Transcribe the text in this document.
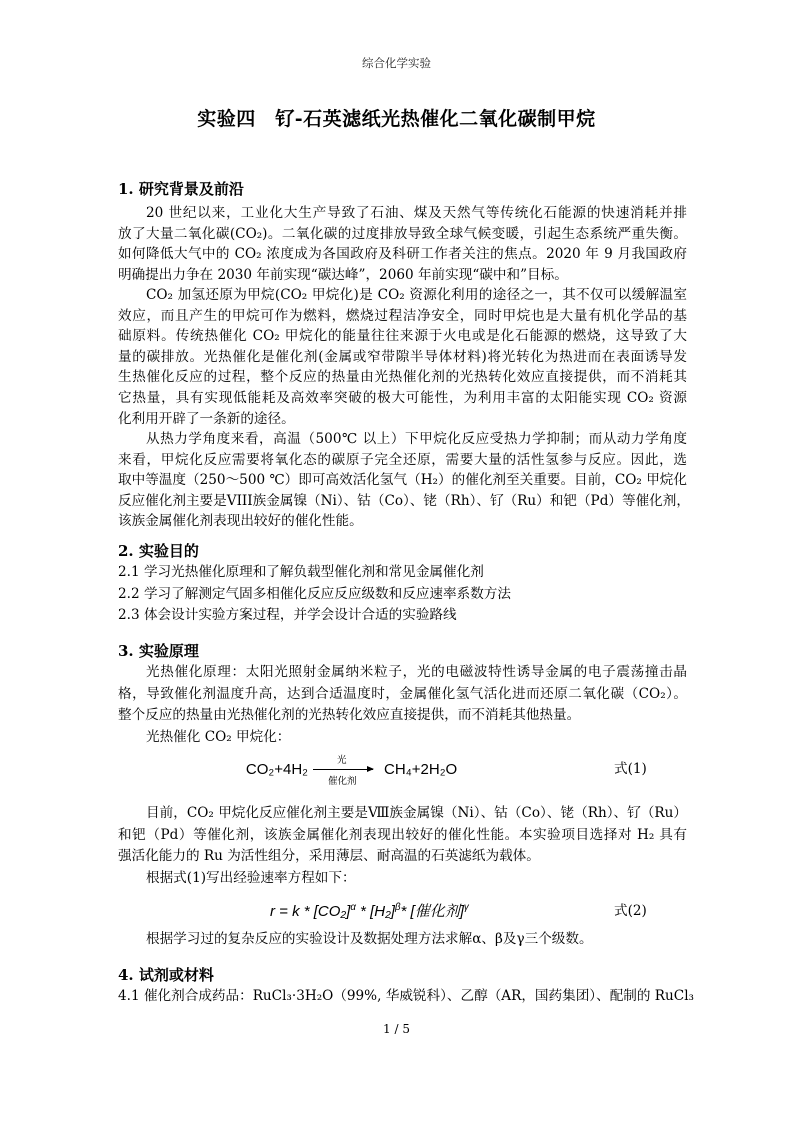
综合化学实验
实验四　钌-石英滤纸光热催化二氧化碳制甲烷
1. 研究背景及前沿
20 世纪以来，工业化大生产导致了石油、煤及天然气等传统化石能源的快速消耗并排
放了大量二氧化碳(CO₂)。二氧化碳的过度排放导致全球气候变暖，引起生态系统严重失衡。
如何降低大气中的 CO₂ 浓度成为各国政府及科研工作者关注的焦点。2020 年 9 月我国政府
明确提出力争在 2030 年前实现“碳达峰”，2060 年前实现“碳中和”目标。
CO₂ 加氢还原为甲烷(CO₂ 甲烷化)是 CO₂ 资源化利用的途径之一，其不仅可以缓解温室
效应，而且产生的甲烷可作为燃料，燃烧过程洁净安全，同时甲烷也是大量有机化学品的基
础原料。传统热催化 CO₂ 甲烷化的能量往往来源于火电或是化石能源的燃烧，这导致了大
量的碳排放。光热催化是催化剂(金属或窄带隙半导体材料)将光转化为热进而在表面诱导发
生热催化反应的过程，整个反应的热量由光热催化剂的光热转化效应直接提供，而不消耗其
它热量，具有实现低能耗及高效率突破的极大可能性，为利用丰富的太阳能实现 CO₂ 资源
化利用开辟了一条新的途径。
从热力学角度来看，高温（500℃ 以上）下甲烷化反应受热力学抑制；而从动力学角度
来看，甲烷化反应需要将氧化态的碳原子完全还原，需要大量的活性氢参与反应。因此，选
取中等温度（250～500 ℃）即可高效活化氢气（H₂）的催化剂至关重要。目前，CO₂ 甲烷化
反应催化剂主要是VIII族金属镍（Ni）、钴（Co）、铑（Rh）、钌（Ru）和钯（Pd）等催化剂，
该族金属催化剂表现出较好的催化性能。
2. 实验目的
2.1 学习光热催化原理和了解负载型催化剂和常见金属催化剂
2.2 学习了解测定气固多相催化反应反应级数和反应速率系数方法
2.3 体会设计实验方案过程，并学会设计合适的实验路线
3. 实验原理
光热催化原理：太阳光照射金属纳米粒子，光的电磁波特性诱导金属的电子震荡撞击晶
格，导致催化剂温度升高，达到合适温度时，金属催化氢气活化进而还原二氧化碳（CO₂）。
整个反应的热量由光热催化剂的光热转化效应直接提供，而不消耗其他热量。
光热催化 CO₂ 甲烷化：
CO₂+4H₂
光
催化剂
CH₄+2H₂O	式(1)
目前，CO₂ 甲烷化反应催化剂主要是Ⅷ族金属镍（Ni）、钴（Co）、铑（Rh）、钌（Ru）
和钯（Pd）等催化剂，该族金属催化剂表现出较好的催化性能。本实验项目选择对 H₂ 具有
强活化能力的 Ru 为活性组分，采用薄层、耐高温的石英滤纸为载体。
根据式(1)写出经验速率方程如下：
$r = k * [CO_2]^\alpha * [H_2]^\beta*$ [催化剂]$^\gamma$	式(2)
根据学习过的复杂反应的实验设计及数据处理方法求解α、β及γ三个级数。
4. 试剂或材料
4.1 催化剂合成药品：RuCl₃·3H₂O（99%, 华威锐科）、乙醇（AR，国药集团）、配制的 RuCl₃
1 / 5
